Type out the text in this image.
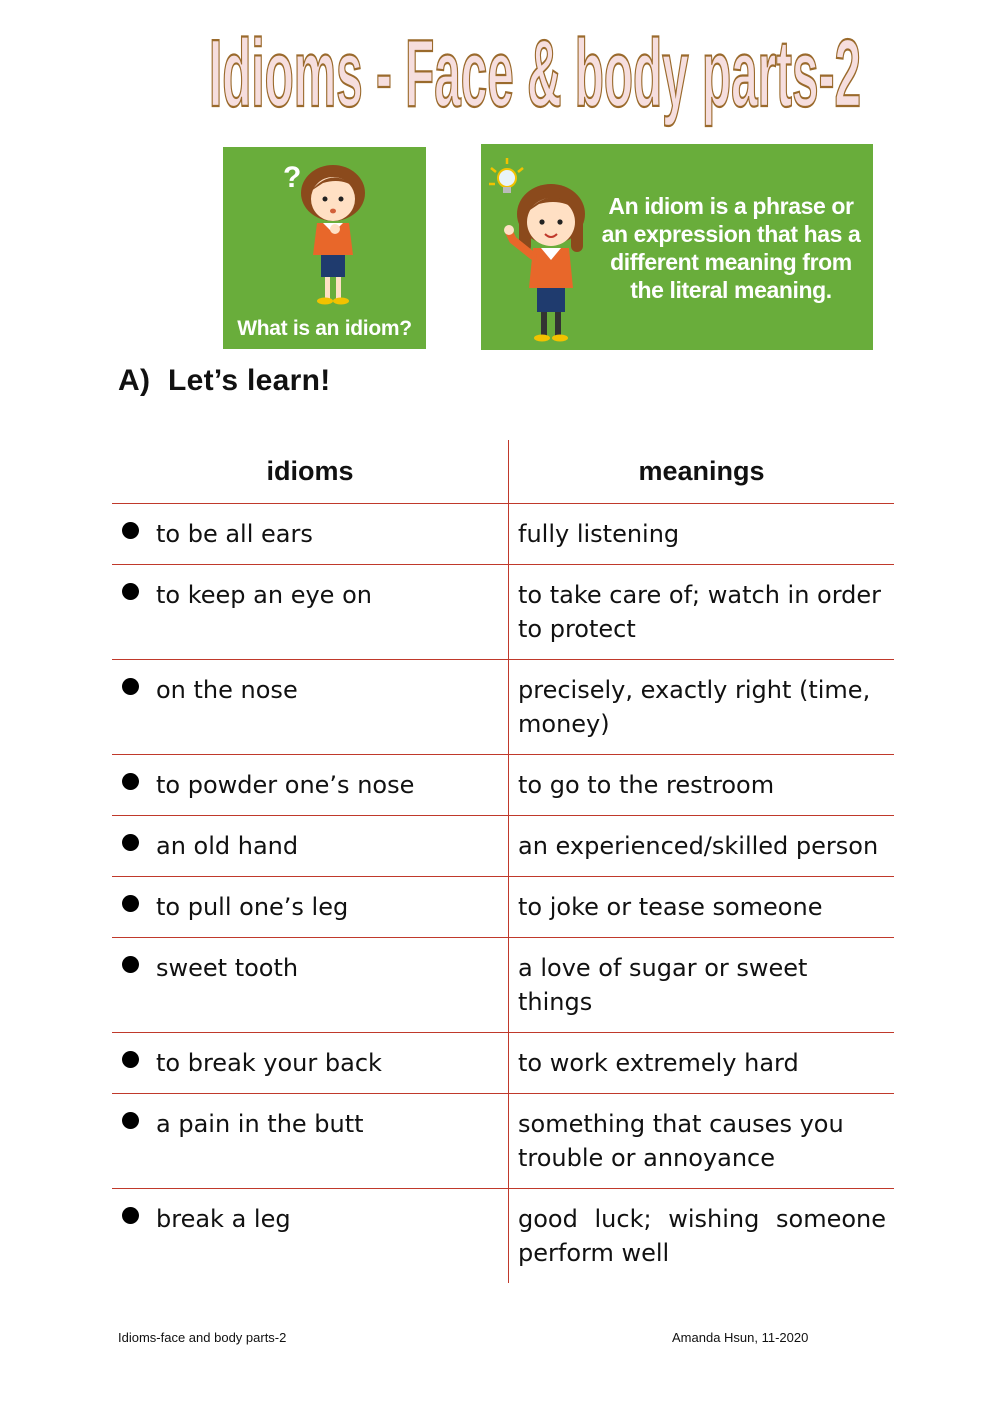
Idioms - Face & body parts-2
?
What is an idiom?
An idiom is a phrase or an expression that has a different meaning from the literal meaning.
A) Let’s learn!
idioms	meanings
to be all ears	fully listening
to keep an eye on	to take care of; watch in order to protect
on the nose	precisely, exactly right (time, money)
to powder one’s nose	to go to the restroom
an old hand	an experienced/skilled person
to pull one’s leg	to joke or tease someone
sweet tooth	a love of sugar or sweet things
to break your back	to work extremely hard
a pain in the butt	something that causes you trouble or annoyance
break a leg	good luck; wishing someone perform well
Idioms-face and body parts-2	Amanda Hsun, 11-2020
